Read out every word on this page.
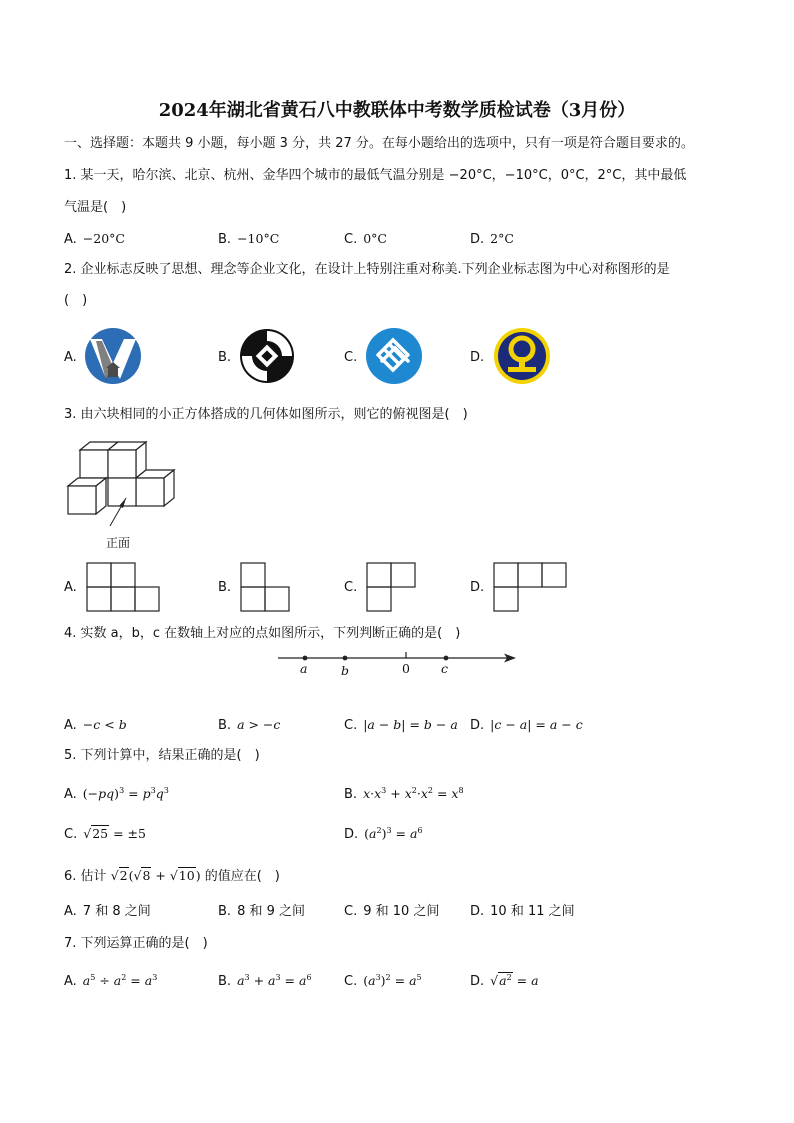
2024年湖北省黄石八中教联体中考数学质检试卷（3月份）
一、选择题：本题共 9 小题，每小题 3 分，共 27 分。在每小题给出的选项中，只有一项是符合题目要求的。
1. 某一天，哈尔滨、北京、杭州、金华四个城市的最低气温分别是 −20°C，−10°C，0°C，2°C，其中最低
气温是(　)
A. −20°C	B. −10°C	C. 0°C	D. 2°C
2. 企业标志反映了思想、理念等企业文化，在设计上特别注重对称美.下列企业标志图为中心对称图形的是
(　)
A.	B.	C.	D.
3. 由六块相同的小正方体搭成的几何体如图所示，则它的俯视图是(　)
正面
A.	B.	C.	D.
4. 实数 a，b，c 在数轴上对应的点如图所示，下列判断正确的是(　)
a	b	0 c
A. −c < b	B. a > −c	C. |a − b| = b − a D. |c − a| = a − c
5. 下列计算中，结果正确的是(　)
A. $(-pq)^3 = p^3q^3$	B. $x\cdot x^3 + x^2\cdot x^2 = x^8$
C. √25 = ±5	D. $(a^2)^3 = a^6$
6. 估计 √2(√8 + √10) 的值应在(　)
A. 7 和 8 之间	B. 8 和 9 之间	C. 9 和 10 之间 D. 10 和 11 之间
7. 下列运算正确的是(　)
A. $a^5 \div a^2 = a^3$	B. $a^3 + a^3 = a^6$ C. $(a^3)^2 = a^5$	D. $√a^2 = a$
